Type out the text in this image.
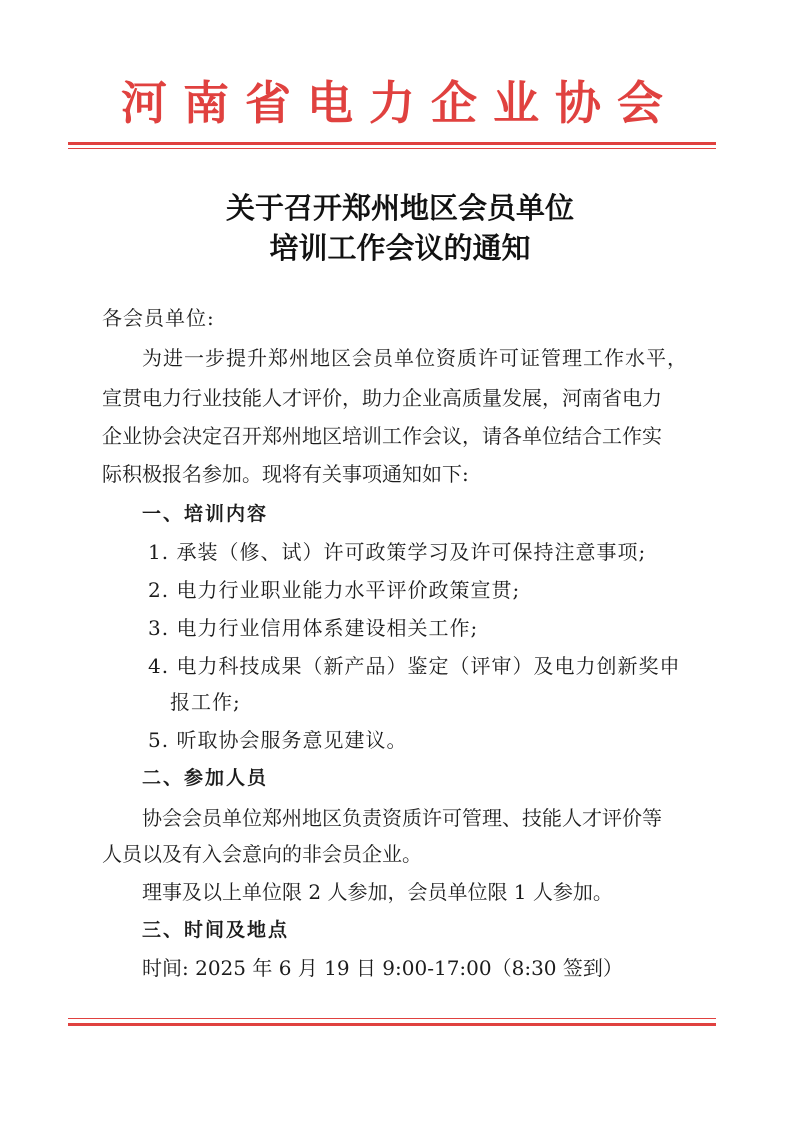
河南省电力企业协会
关于召开郑州地区会员单位
培训工作会议的通知
各会员单位:
为进一步提升郑州地区会员单位资质许可证管理工作水平，
宣贯电力行业技能人才评价，助力企业高质量发展，河南省电力
企业协会决定召开郑州地区培训工作会议，请各单位结合工作实
际积极报名参加。现将有关事项通知如下:
一、培训内容
1. 承装（修、试）许可政策学习及许可保持注意事项;
2. 电力行业职业能力水平评价政策宣贯;
3. 电力行业信用体系建设相关工作;
4. 电力科技成果（新产品）鉴定（评审）及电力创新奖申
报工作;
5. 听取协会服务意见建议。
二、参加人员
协会会员单位郑州地区负责资质许可管理、技能人才评价等
人员以及有入会意向的非会员企业。
理事及以上单位限 2 人参加，会员单位限 1 人参加。
三、时间及地点
时间: 2025 年 6 月 19 日 9:00-17:00（8:30 签到）
